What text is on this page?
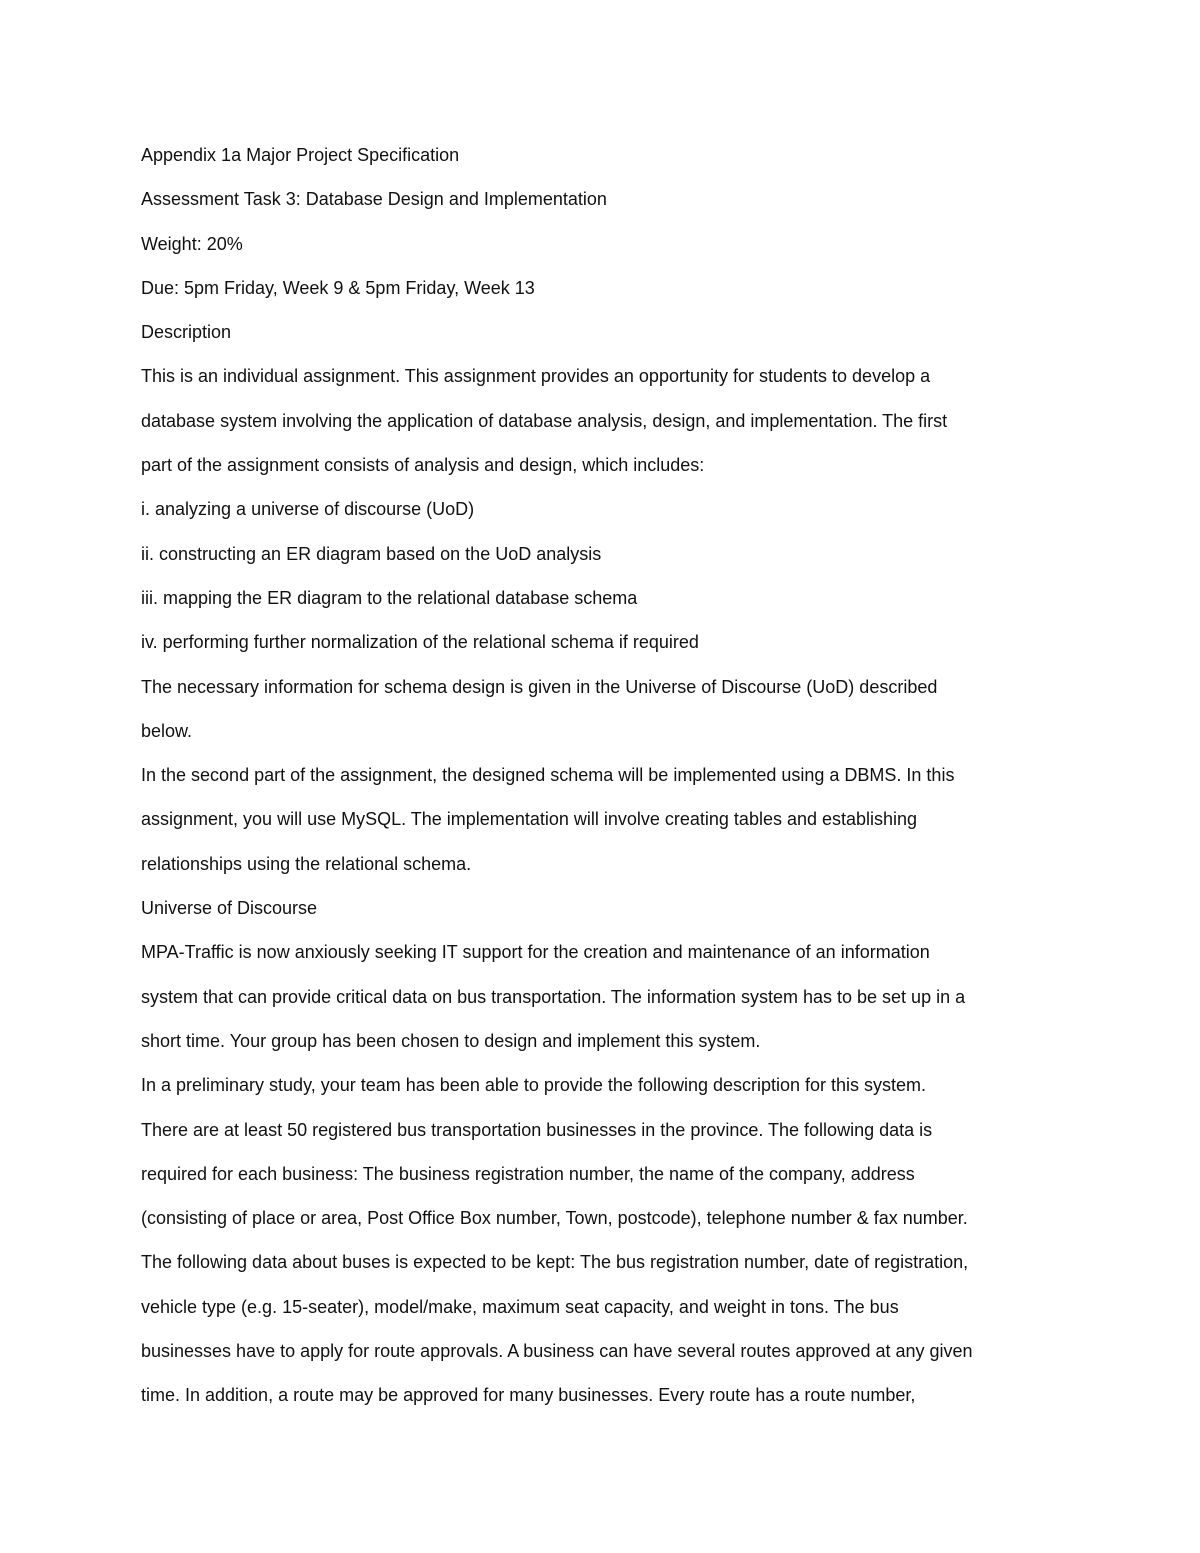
Appendix 1a Major Project Specification
Assessment Task 3: Database Design and Implementation
Weight: 20%
Due: 5pm Friday, Week 9 & 5pm Friday, Week 13
Description
This is an individual assignment. This assignment provides an opportunity for students to develop a
database system involving the application of database analysis, design, and implementation. The first
part of the assignment consists of analysis and design, which includes:
i. analyzing a universe of discourse (UoD)
ii. constructing an ER diagram based on the UoD analysis
iii. mapping the ER diagram to the relational database schema
iv. performing further normalization of the relational schema if required
The necessary information for schema design is given in the Universe of Discourse (UoD) described
below.
In the second part of the assignment, the designed schema will be implemented using a DBMS. In this
assignment, you will use MySQL. The implementation will involve creating tables and establishing
relationships using the relational schema.
Universe of Discourse
MPA-Traffic is now anxiously seeking IT support for the creation and maintenance of an information
system that can provide critical data on bus transportation. The information system has to be set up in a
short time. Your group has been chosen to design and implement this system.
In a preliminary study, your team has been able to provide the following description for this system.
There are at least 50 registered bus transportation businesses in the province. The following data is
required for each business: The business registration number, the name of the company, address
(consisting of place or area, Post Office Box number, Town, postcode), telephone number & fax number.
The following data about buses is expected to be kept: The bus registration number, date of registration,
vehicle type (e.g. 15-seater), model/make, maximum seat capacity, and weight in tons. The bus
businesses have to apply for route approvals. A business can have several routes approved at any given
time. In addition, a route may be approved for many businesses. Every route has a route number,
